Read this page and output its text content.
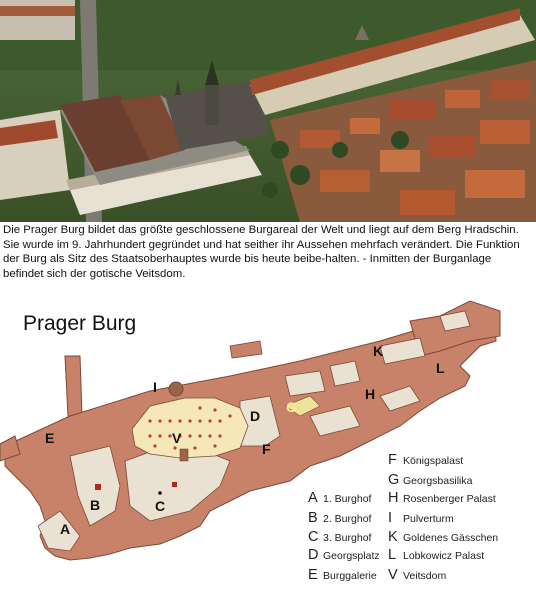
Die Prager Burg bildet das größte geschlossene Burgareal der Welt und liegt auf dem Berg Hradschin. Sie wurde im 9. Jahrhundert gegründet und hat seither ihr Aussehen mehrfach verändert. Die Funktion der Burg als Sitz des Staatsoberhauptes wurde bis heute beibe-halten. - Inmitten der Burganlage befindet sich der gotische Veitsdom.

Prager Burg
A
B	C
D
E
F
G
H
I
K
L
V
F Königspalast
G Georgsbasilika
A 1. Burghof H Rosenberger Palast
B 2. Burghof I Pulverturm
C 3. Burghof K Goldenes Gässchen
D Georgsplatz L Lobkowicz Palast
E Burggalerie V Veitsdom
